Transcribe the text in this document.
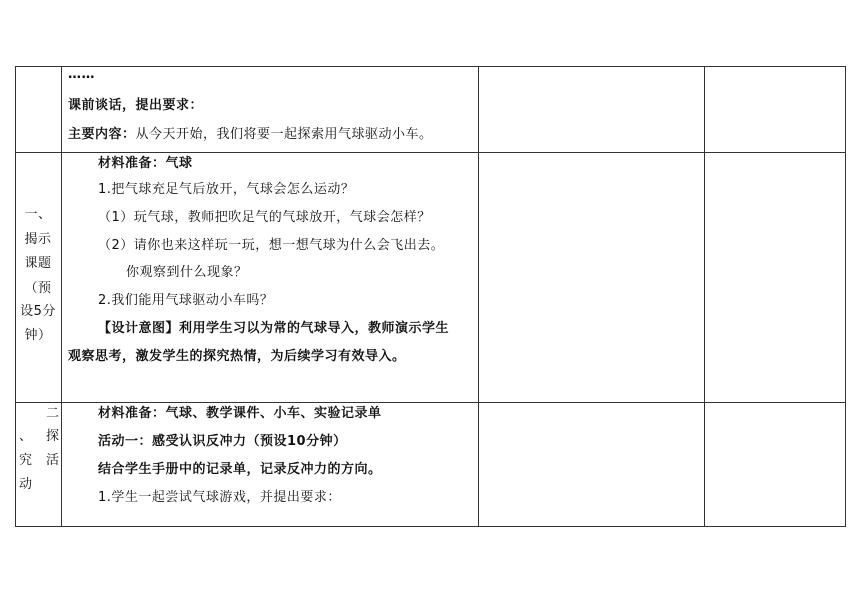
……
课前谈话，提出要求：
主要内容：从今天开始，我们将要一起探索用气球驱动小车。
一、
揭示
课题
（预
设5分
钟）
材料准备：气球
1.把气球充足气后放开，气球会怎么运动？
（1）玩气球，教师把吹足气的气球放开，气球会怎样？
（2）请你也来这样玩一玩，想一想气球为什么会飞出去。
你观察到什么现象？
2.我们能用气球驱动小车吗？
【设计意图】利用学生习以为常的气球导入，教师演示学生
观察思考，激发学生的探究热情，为后续学习有效导入。
二
、 探
究 活
动
材料准备：气球、教学课件、小车、实验记录单
活动一：感受认识反冲力（预设10分钟）
结合学生手册中的记录单，记录反冲力的方向。
1.学生一起尝试气球游戏，并提出要求：
